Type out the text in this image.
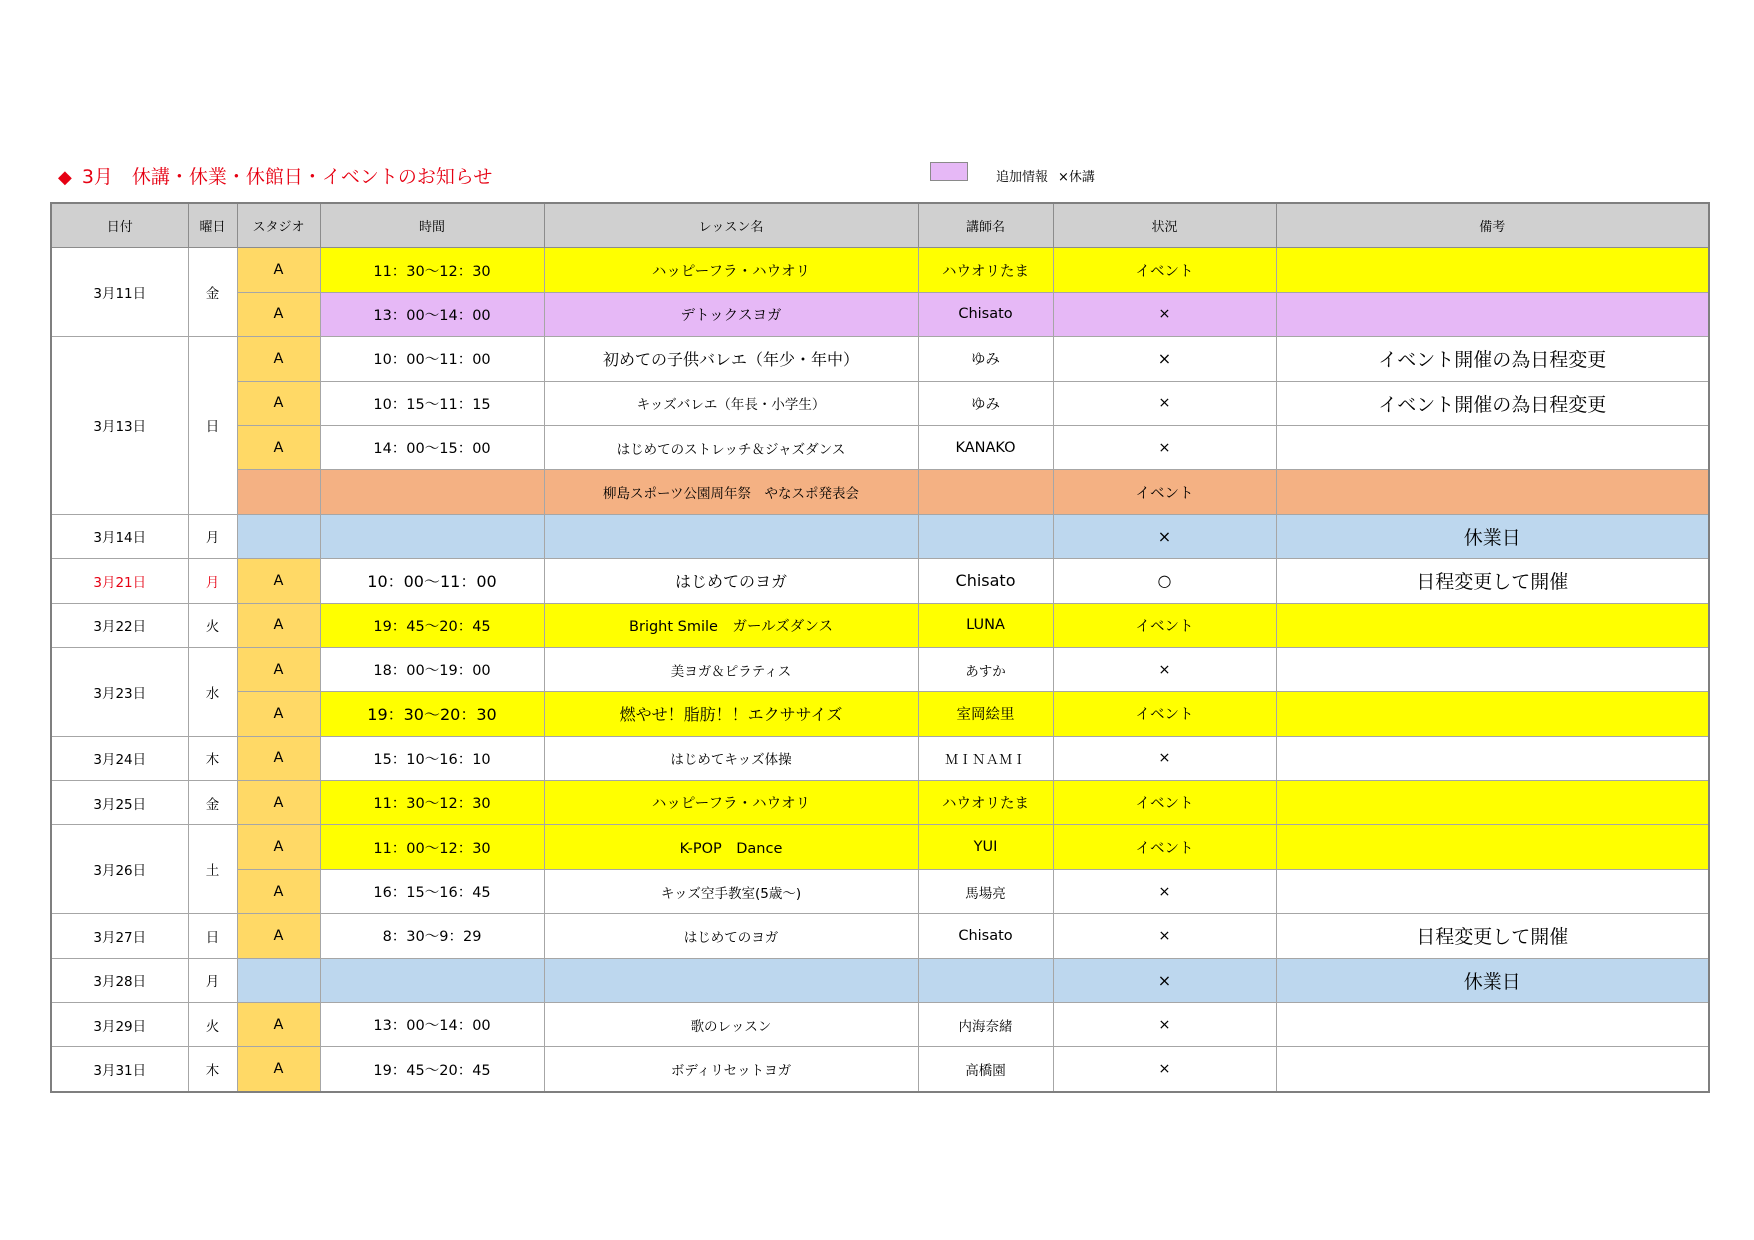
◆ 3月　休講・休業・休館日・イベントのお知らせ	追加情報 ×休講
日付	曜日	スタジオ	時間	レッスン名	講師名	状況	備考
3月11日	金	A	11：30～12：30	ハッピーフラ・ハウオリ	ハウオリたま	イベント	
		A	13：00～14：00	デトックスヨガ	Chisato	×	
3月13日	日	A	10：00～11：00	初めての子供バレエ（年少・年中）	ゆみ	×	イベント開催の為日程変更
		A	10：15～11：15	キッズバレエ（年長・小学生）	ゆみ	×	イベント開催の為日程変更
		A	14：00～15：00	はじめてのストレッチ＆ジャズダンス	KANAKO	×	
				柳島スポーツ公園周年祭　やなスポ発表会		イベント	
3月14日	月					×	休業日
3月21日	月	A	10：00～11：00	はじめてのヨガ	Chisato	○	日程変更して開催
3月22日	火	A	19：45～20：45	Bright Smile　ガールズダンス	LUNA	イベント	
3月23日	水	A	18：00～19：00	美ヨガ＆ピラティス	あすか	×	
		A	19：30～20：30	燃やせ！脂肪！！エクササイズ	室岡絵里	イベント	
3月24日	木	A	15：10～16：10	はじめてキッズ体操	ＭＩＮＡＭＩ	×	
3月25日	金	A	11：30～12：30	ハッピーフラ・ハウオリ	ハウオリたま	イベント	
3月26日	土	A	11：00～12：30	K-POP　Dance	YUI	イベント	
		A	16：15～16：45	キッズ空手教室(5歳～)	馬場亮	×	
3月27日	日	A	8：30～9：29	はじめてのヨガ	Chisato	×	日程変更して開催
3月28日	月					×	休業日
3月29日	火	A	13：00～14：00	歌のレッスン	内海奈緒	×	
3月31日	木	A	19：45～20：45	ボディリセットヨガ	高橋園	×	
